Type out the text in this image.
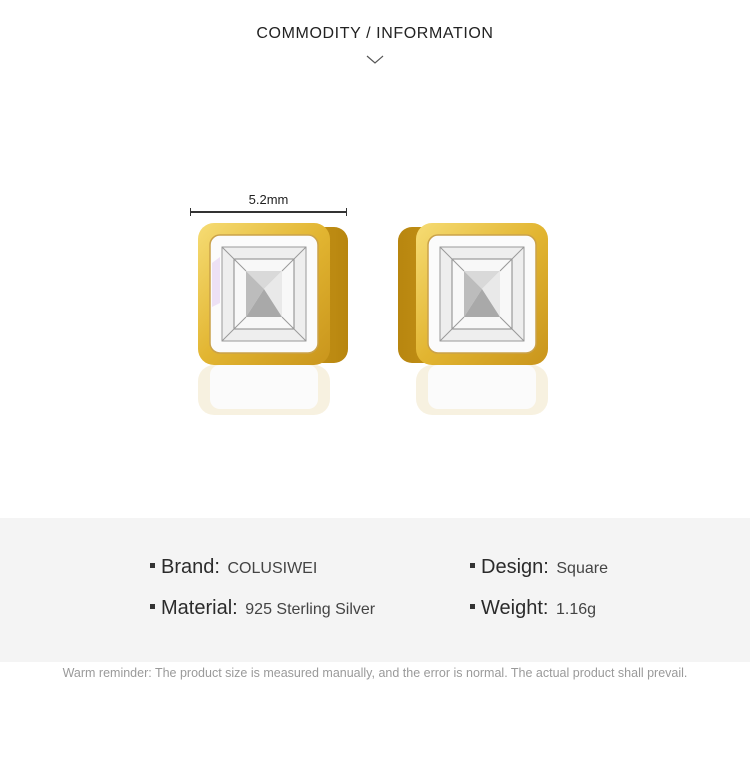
COMMODITY / INFORMATION
5.2mm
Brand: COLUSIWEI	Design: Square
Material: 925 Sterling Silver	Weight: 1.16g
Warm reminder: The product size is measured manually, and the error is normal. The actual product shall prevail.
